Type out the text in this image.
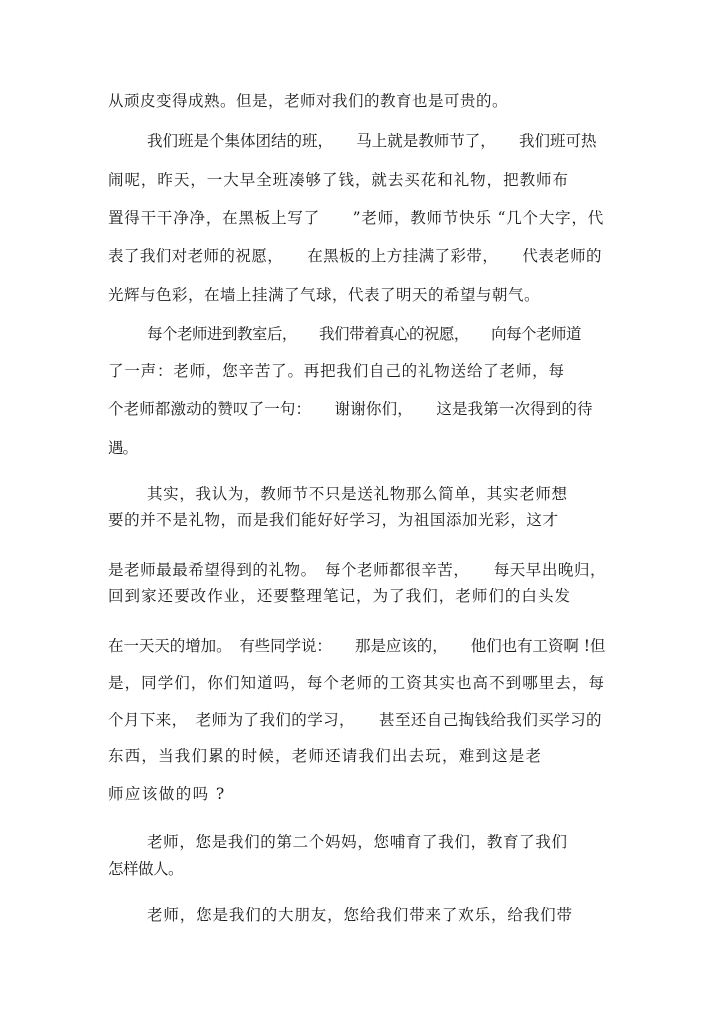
从顽皮变得成熟。但是，老师对我们的教育也是可贵的。
我们班是个集体团结的班，　　马上就是教师节了，　　我们班可热
闹呢，昨天，一大早全班凑够了钱，就去买花和礼物，把教师布
置得干干净净，在黑板上写了　　”老师，教师节快乐 “几个大字，代
表了我们对老师的祝愿，　　在黑板的上方挂满了彩带，　　代表老师的
光辉与色彩，在墙上挂满了气球，代表了明天的希望与朝气。
每个老师进到教室后，　　我们带着真心的祝愿，　　向每个老师道
了一声：老师，您辛苦了。再把我们自己的礼物送给了老师，每
个老师都激动的赞叹了一句：　　谢谢你们，　　这是我第一次得到的待
遇。
其实，我认为，教师节不只是送礼物那么简单，其实老师想
要的并不是礼物，而是我们能好好学习，为祖国添加光彩，这才
是老师最最希望得到的礼物。　每个老师都很辛苦，　　每天早出晚归，
回到家还要改作业，还要整理笔记，为了我们，老师们的白头发
在一天天的增加。　有些同学说：　　那是应该的，　　他们也有工资啊 !但
是，同学们，你们知道吗，每个老师的工资其实也高不到哪里去，每
个月下来，　老师为了我们的学习，　　甚至还自己掏钱给我们买学习的
东西，当我们累的时候，老师还请我们出去玩，难到这是老
师应该做的吗 ?
老师，您是我们的第二个妈妈，您哺育了我们，教育了我们
怎样做人。
老师，您是我们的大朋友，您给我们带来了欢乐，给我们带
